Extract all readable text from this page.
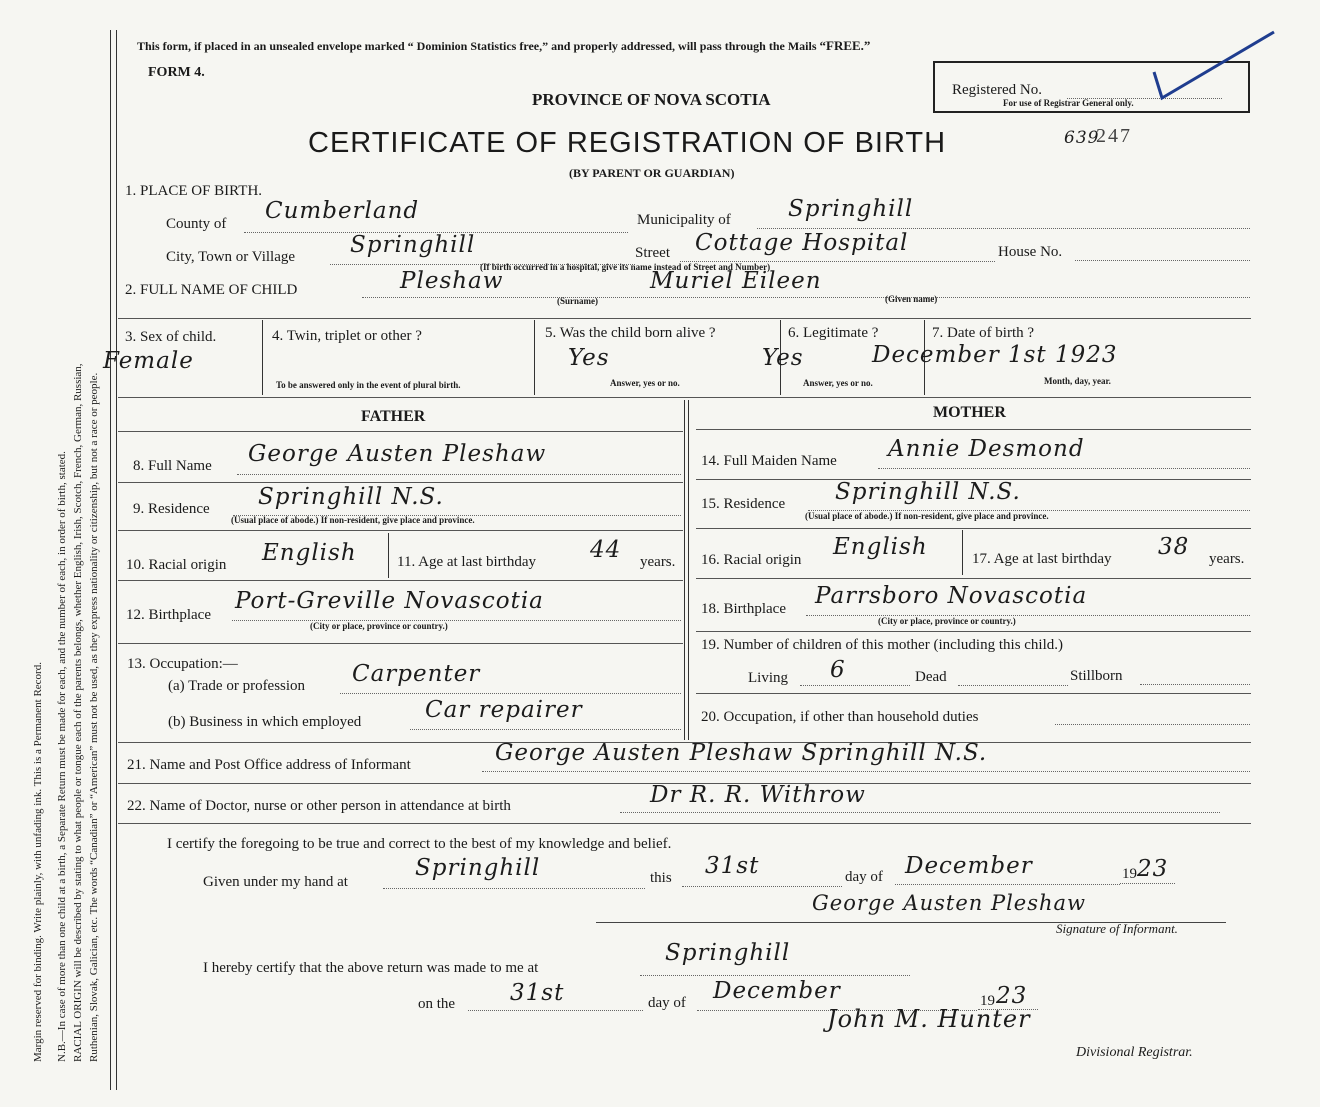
Margin reserved for binding. Write plainly, with unfading ink. This is a Permanent Record. N.B.—In case of more than one child at a birth, a Separate Return must be made for each, and the number of each, in order of birth, stated. RACIAL ORIGIN will be described by stating to what people or tongue each of the parents belongs, whether English, Irish, Scotch, French, German, Russian, Ruthenian, Slovak, Galician, etc. The words “Canadian” or “American” must not be used, as they express nationality or citizenship, but not a race or people.
This form, if placed in an unsealed envelope marked “ Dominion Statistics free,” and properly addressed, will pass through the Mails “FREE.”
FORM 4.
PROVINCE OF NOVA SCOTIA	Registered No.
For use of Registrar General only.
CERTIFICATE OF REGISTRATION OF BIRTH	639
247
(BY PARENT OR GUARDIAN)
1. PLACE OF BIRTH.
County of Cumberland	Municipality of Springhill
City, Town or Village Springhill	Street Cottage Hospital	House No.
(If birth occurred in a hospital, give its name instead of Street and Number)
2. FULL NAME OF CHILD	Pleshaw	Muriel Eileen
(Surname)	(Given name)
3. Sex of child.
Female
4. Twin, triplet or other ?
To be answered only in the event of plural birth.
5. Was the child born alive ?
Yes
Answer, yes or no.
6. Legitimate ?
Yes
Answer, yes or no.
7. Date of birth ?
December 1st 1923
Month, day, year.
FATHER
8. Full Name George Austen Pleshaw
9. Residence Springhill N.S.
(Usual place of abode.) If non-resident, give place and province.
10. Racial origin English	11. Age at last birthday 44 years.
12. Birthplace
Port-Greville Novascotia
(City or place, province or country.)
13. Occupation:—
(a) Trade or profession Carpenter
(b) Business in which employed	Car repairer
MOTHER
14. Full Maiden Name Annie Desmond
15. Residence Springhill N.S.
(Usual place of abode.) If non-resident, give place and province.
16. Racial origin English	17. Age at last birthday 38 years.
18. Birthplace Parrsboro Novascotia
(City or place, province or country.)
19. Number of children of this mother (including this child.)
Living 6	Dead	Stillborn
20. Occupation, if other than household duties
21. Name and Post Office address of Informant	George Austen Pleshaw Springhill N.S.
22. Name of Doctor, nurse or other person in attendance at birth	Dr R. R. Withrow
I certify the foregoing to be true and correct to the best of my knowledge and belief.
Given under my hand at
Springhill	this 31st	day of December	19 23
George Austen Pleshaw
Signature of Informant.
I hereby certify that the above return was made to me at
Springhill
on the 31st	day of December	19 23
John M. Hunter
Divisional Registrar.
